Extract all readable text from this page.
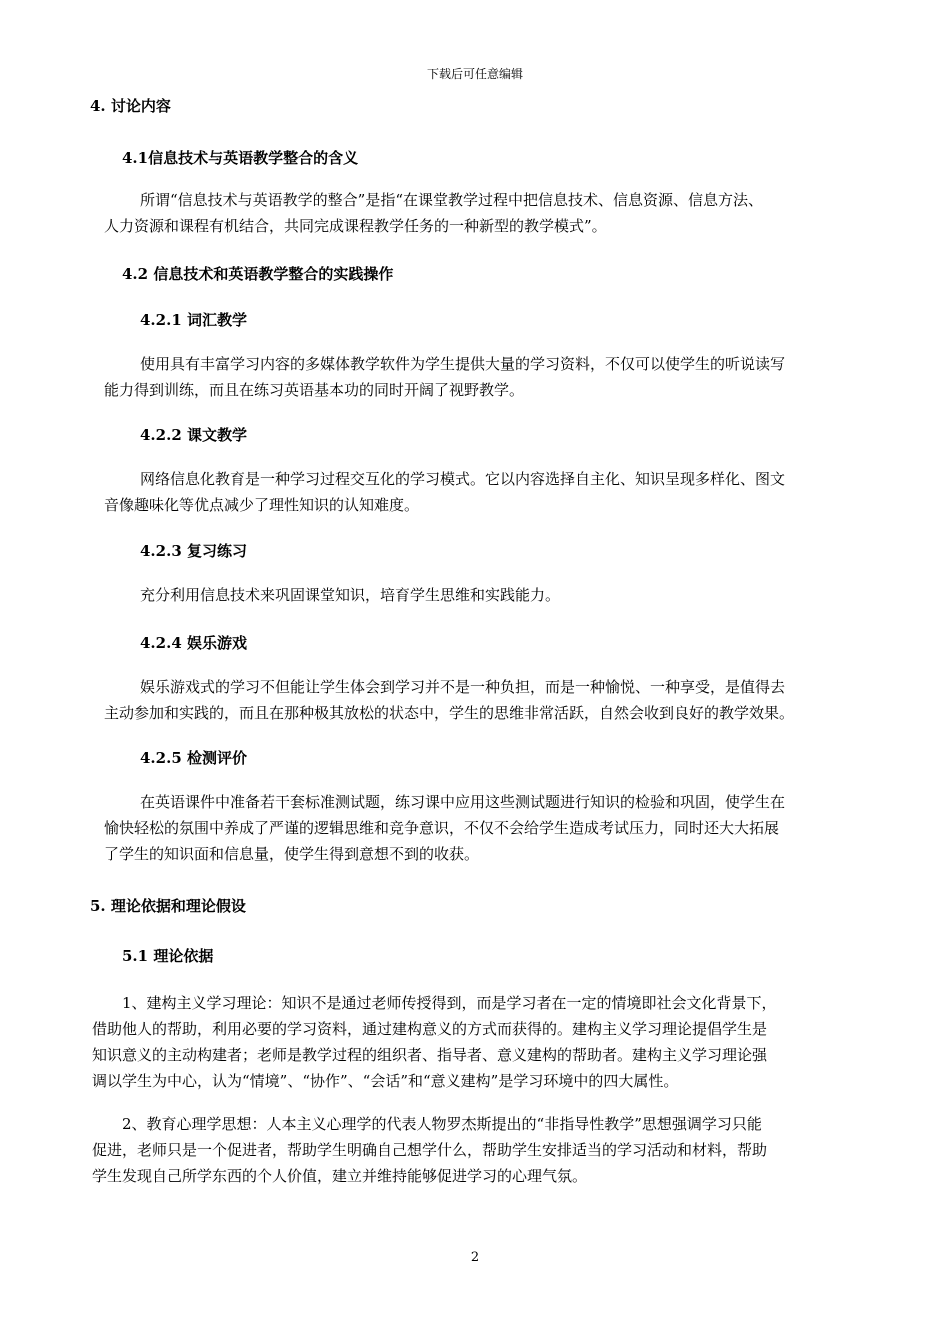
下载后可任意编辑
4. 讨论内容
4.1信息技术与英语教学整合的含义
所谓“信息技术与英语教学的整合”是指“在课堂教学过程中把信息技术、信息资源、信息方法、
人力资源和课程有机结合，共同完成课程教学任务的一种新型的教学模式”。
4.2 信息技术和英语教学整合的实践操作
4.2.1 词汇教学
使用具有丰富学习内容的多媒体教学软件为学生提供大量的学习资料，不仅可以使学生的听说读写
能力得到训练，而且在练习英语基本功的同时开阔了视野教学。
4.2.2 课文教学
网络信息化教育是一种学习过程交互化的学习模式。它以内容选择自主化、知识呈现多样化、图文
音像趣味化等优点减少了理性知识的认知难度。
4.2.3 复习练习
充分利用信息技术来巩固课堂知识，培育学生思维和实践能力。
4.2.4 娱乐游戏
娱乐游戏式的学习不但能让学生体会到学习并不是一种负担，而是一种愉悦、一种享受，是值得去
主动参加和实践的，而且在那种极其放松的状态中，学生的思维非常活跃，自然会收到良好的教学效果。
4.2.5 检测评价
在英语课件中准备若干套标准测试题，练习课中应用这些测试题进行知识的检验和巩固，使学生在
愉快轻松的氛围中养成了严谨的逻辑思维和竞争意识，不仅不会给学生造成考试压力，同时还大大拓展
了学生的知识面和信息量，使学生得到意想不到的收获。
5. 理论依据和理论假设
5.1 理论依据
1、建构主义学习理论：知识不是通过老师传授得到，而是学习者在一定的情境即社会文化背景下，
借助他人的帮助，利用必要的学习资料，通过建构意义的方式而获得的。建构主义学习理论提倡学生是
知识意义的主动构建者；老师是教学过程的组织者、指导者、意义建构的帮助者。建构主义学习理论强
调以学生为中心，认为“情境”、“协作”、“会话”和“意义建构”是学习环境中的四大属性。
2、教育心理学思想：人本主义心理学的代表人物罗杰斯提出的“非指导性教学”思想强调学习只能
促进，老师只是一个促进者，帮助学生明确自己想学什么，帮助学生安排适当的学习活动和材料，帮助
学生发现自己所学东西的个人价值，建立并维持能够促进学习的心理气氛。
2
